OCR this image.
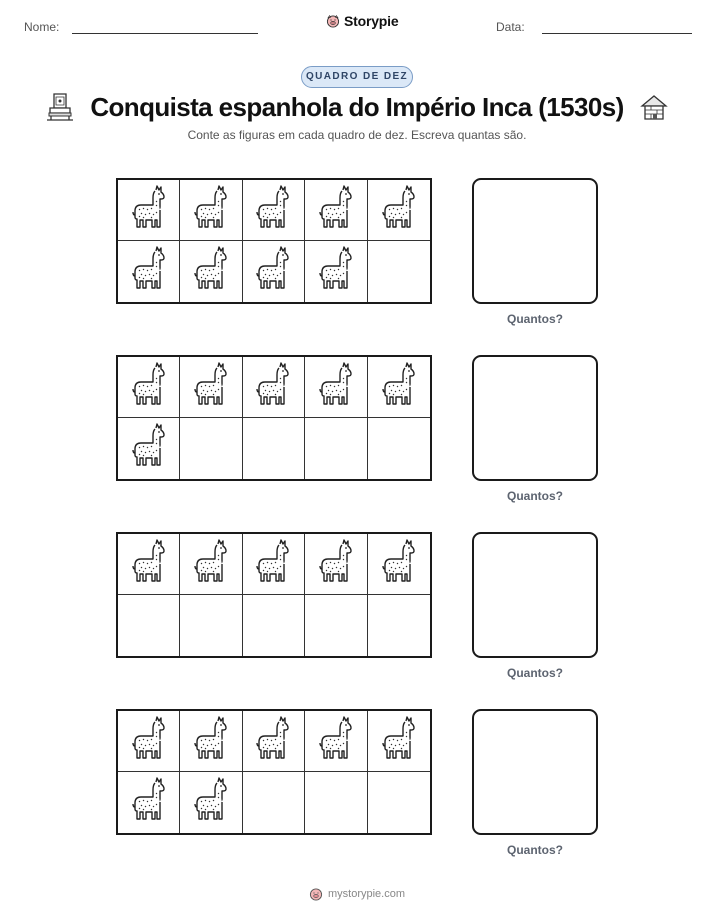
Nome:	Storypie	Data:
QUADRO DE DEZ
Conquista espanhola do Império Inca (1530s)
Conte as figuras em cada quadro de dez. Escreva quantas são.
Quantos?
Quantos?
Quantos?
Quantos?
mystorypie.com
